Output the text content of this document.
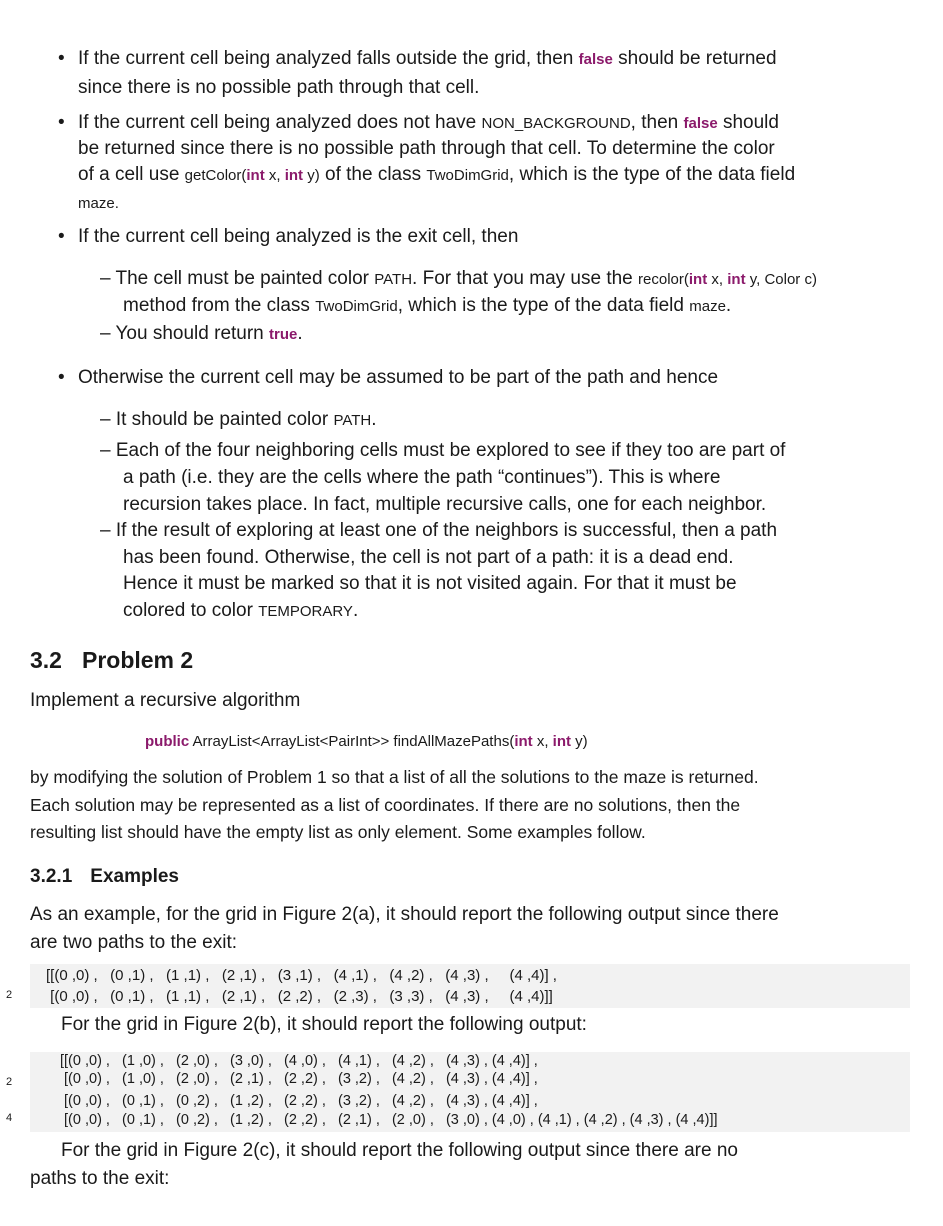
• If the current cell being analyzed falls outside the grid, then false should be returned

since there is no possible path through that cell.

• If the current cell being analyzed does not have NON_BACKGROUND, then false should

be returned since there is no possible path through that cell. To determine the color

of a cell use getColor(int x, int y) of the class TwoDimGrid, which is the type of the data field

maze.

• If the current cell being analyzed is the exit cell, then

– The cell must be painted color PATH. For that you may use the recolor(int x, int y, Color c)

method from the class TwoDimGrid, which is the type of the data field maze.

– You should return true.

• Otherwise the current cell may be assumed to be part of the path and hence

– It should be painted color PATH.

– Each of the four neighboring cells must be explored to see if they too are part of

a path (i.e. they are the cells where the path “continues”). This is where

recursion takes place. In fact, multiple recursive calls, one for each neighbor.

– If the result of exploring at least one of the neighbors is successful, then a path

has been found. Otherwise, the cell is not part of a path: it is a dead end.

Hence it must be marked so that it is not visited again. For that it must be

colored to color TEMPORARY.

3.2 Problem 2

Implement a recursive algorithm

public ArrayList<ArrayList<PairInt>> findAllMazePaths(int x, int y)

by modifying the solution of Problem 1 so that a list of all the solutions to the maze is returned.

Each solution may be represented as a list of coordinates. If there are no solutions, then the

resulting list should have the empty list as only element. Some examples follow.

3.2.1 Examples

As an example, for the grid in Figure 2(a), it should report the following output since there

are two paths to the exit:

2
[[(0 ,0) ,   (0 ,1) ,   (1 ,1) ,   (2 ,1) ,   (3 ,1) ,   (4 ,1) ,   (4 ,2) ,   (4 ,3) ,     (4 ,4)] ,
[(0 ,0) ,   (0 ,1) ,   (1 ,1) ,   (2 ,1) ,   (2 ,2) ,   (2 ,3) ,   (3 ,3) ,   (4 ,3) ,     (4 ,4)]]

For the grid in Figure 2(b), it should report the following output:

2
4
[[(0 ,0) ,   (1 ,0) ,   (2 ,0) ,   (3 ,0) ,   (4 ,0) ,   (4 ,1) ,   (4 ,2) ,   (4 ,3) , (4 ,4)] ,
[(0 ,0) ,   (1 ,0) ,   (2 ,0) ,   (2 ,1) ,   (2 ,2) ,   (3 ,2) ,   (4 ,2) ,   (4 ,3) , (4 ,4)] ,
[(0 ,0) ,   (0 ,1) ,   (0 ,2) ,   (1 ,2) ,   (2 ,2) ,   (3 ,2) ,   (4 ,2) ,   (4 ,3) , (4 ,4)] ,
[(0 ,0) ,   (0 ,1) ,   (0 ,2) ,   (1 ,2) ,   (2 ,2) ,   (2 ,1) ,   (2 ,0) ,   (3 ,0) , (4 ,0) , (4 ,1) , (4 ,2) , (4 ,3) , (4 ,4)]]

For the grid in Figure 2(c), it should report the following output since there are no

paths to the exit:
